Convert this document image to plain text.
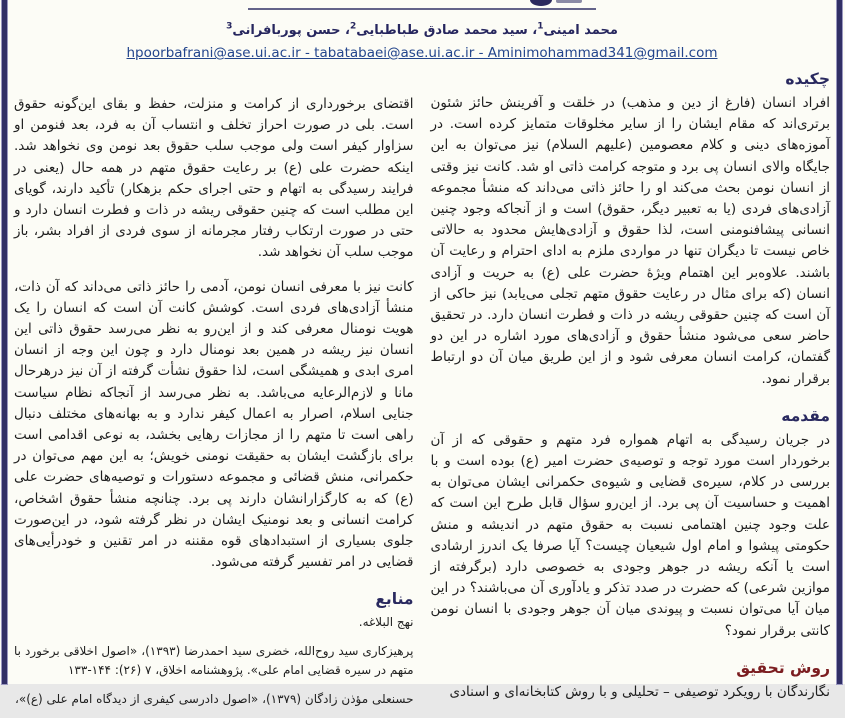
محمد امینی$^1$، سید محمد صادق طباطبایی$^2$، حسن پوربافرانی$^3$
hpoorbafrani@ase.ui.ac.ir - tabatabaei@ase.ui.ac.ir - Aminimohammad341@gmail.com
چکیده

افراد انسان (فارغ از دین و مذهب) در خلقت و آفرینش حائز شئون برتری‌اند که مقام ایشان را از سایر مخلوقات متمایز کرده است. در آموزه‌های دینی و کلام معصومین (علیهم السلام) نیز می‌توان به این جایگاه والای انسان پی برد و متوجه کرامت ذاتی او شد. کانت نیز وقتی از انسان نومن بحث می‌کند او را حائز ذاتی می‌داند که منشأ مجموعه آزادی‌های فردی (یا به تعبیر دیگر، حقوق) است و از آنجاکه وجود چنین انسانی پیشافنومنی است، لذا حقوق و آزادی‌هایش محدود به حالاتی خاص نیست تا دیگران تنها در مواردی ملزم به ادای احترام و رعایت آن باشند. علاوه‌بر این اهتمام ویژهٔ حضرت علی (ع) به حریت و آزادی انسان (که برای مثال در رعایت حقوق متهم تجلی می‌یابد) نیز حاکی از آن است که چنین حقوقی ریشه در ذات و فطرت انسان دارد. در تحقیق حاضر سعی می‌شود منشأ حقوق و آزادی‌های مورد اشاره در این دو گفتمان، کرامت انسان معرفی شود و از این طریق میان آن دو ارتباط برقرار نمود.

مقدمه

در جریان رسیدگی به اتهام همواره فرد متهم و حقوقی که از آن برخوردار است مورد توجه و توصیه‌ی حضرت امیر (ع) بوده است و با بررسی در کلام، سیره‌ی قضایی و شیوه‌ی حکمرانی ایشان می‌توان به اهمیت و حساسیت آن پی برد. از این‌رو سؤال قابل طرح این است که علت وجود چنین اهتمامی نسبت به حقوق متهم در اندیشه و منش حکومتی پیشوا و امام اول شیعیان چیست؟ آیا صرفا یک اندرز ارشادی است یا آنکه ریشه در جوهر وجودی به خصوصی دارد (برگرفته از موازین شرعی) که حضرت در صدد تذکر و یادآوری آن می‌باشند؟ در این میان آیا می‌توان نسبت و پیوندی میان آن جوهر وجودی با انسان نومن کانتی برقرار نمود؟

روش تحقیق

نگارندگان با رویکرد توصیفی – تحلیلی و با روش کتابخانه‌ای و اسنادی

اقتضای برخورداری از کرامت و منزلت، حفظ و بقای این‌گونه حقوق است. بلی در صورت احراز تخلف و انتساب آن به فرد، بعد فنومن او سزاوار کیفر است ولی موجب سلب حقوق بعد نومن وی نخواهد شد. اینکه حضرت علی (ع) بر رعایت حقوق متهم در همه حال (یعنی در فرایند رسیدگی به اتهام و حتی اجرای حکم بزهکار) تأکید دارند، گویای این مطلب است که چنین حقوقی ریشه در ذات و فطرت انسان دارد و حتی در صورت ارتکاب رفتار مجرمانه از سوی فردی از افراد بشر، باز موجب سلب آن نخواهد شد.

کانت نیز با معرفی انسان نومن، آدمی را حائز ذاتی می‌داند که آن ذات، منشأ آزادی‌های فردی است. کوشش کانت آن است که انسان را یک هویت نومنال معرفی کند و از این‌رو به نظر می‌رسد حقوق ذاتی این انسان نیز ریشه در همین بعد نومنال دارد و چون این وجه از انسان امری ابدی و همیشگی است، لذا حقوق نشأت گرفته از آن نیز درهرحال مانا و لازم‌الرعایه می‌باشد. به نظر می‌رسد از آنجاکه نظام سیاست جنایی اسلام، اصرار به اعمال کیفر ندارد و به بهانه‌های مختلف دنبال راهی است تا متهم را از مجازات رهایی بخشد، به نوعی اقدامی است برای بازگشت ایشان به حقیقت نومنی خویش؛ به این مهم می‌توان در حکمرانی، منش قضائی و مجموعه دستورات و توصیه‌های حضرت علی (ع) که به کارگزارانشان دارند پی برد. چنانچه منشأ حقوق اشخاص، کرامت انسانی و بعد نومنیک ایشان در نظر گرفته شود، در این‌صورت جلوی بسیاری از استبدادهای قوه مقننه در امر تقنین و خودرأیی‌های قضایی در امر تفسیر گرفته می‌شود.

منابع

نهج البلاغه.

پرهیزکاری سید روح‌الله، خضری سید احمدرضا (۱۳۹۳)، «اصول اخلاقی برخورد با متهم در سیره قضایی امام علی». پژوهشنامه اخلاق، ۷ (۲۶): ۱۴۴-۱۳۳

حسنعلی مؤذن زادگان (۱۳۷۹)، «اصول دادرسی کیفری از دیدگاه امام علی (ع)»،
